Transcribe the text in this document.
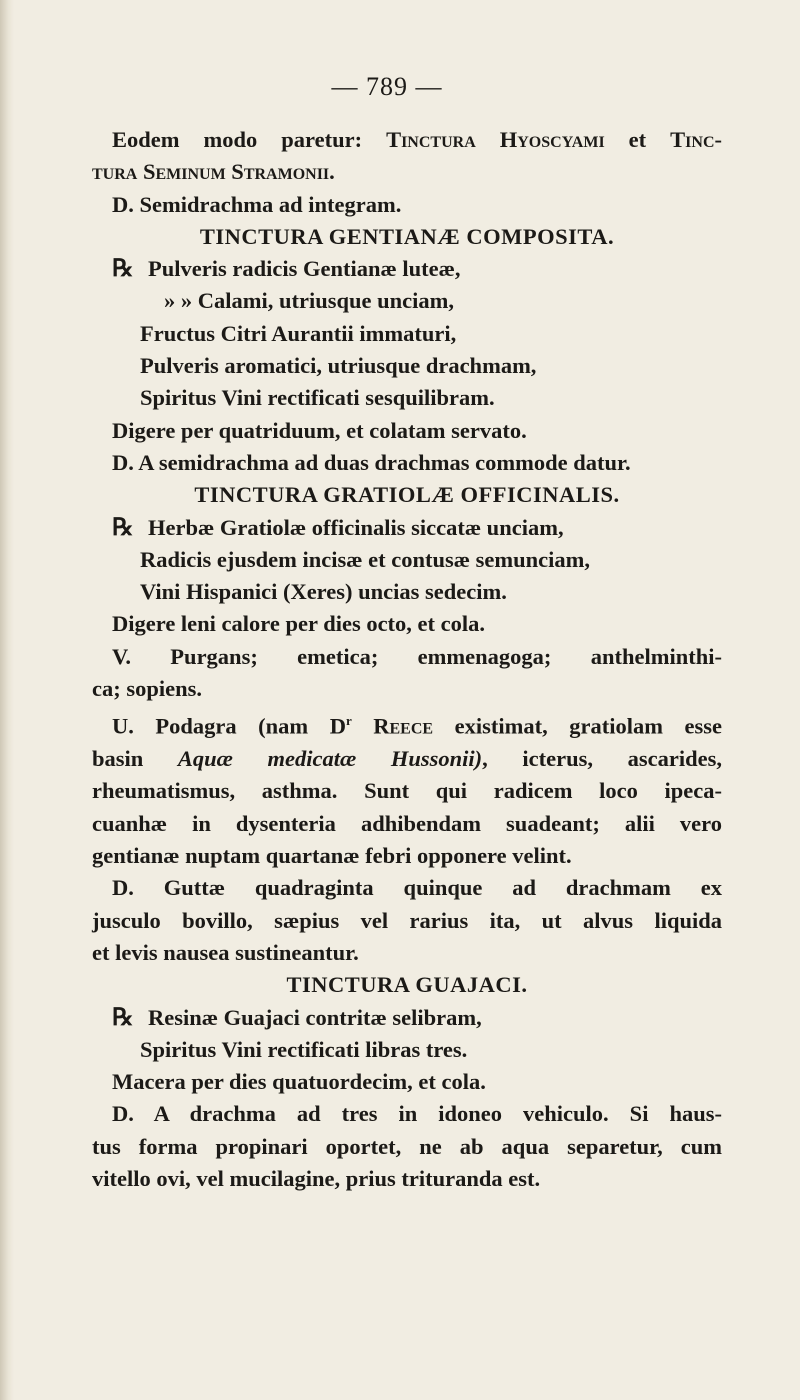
— 789 —
Eodem modo paretur: Tinctura Hyoscyami et Tinc-
tura Seminum Stramonii.
D. Semidrachma ad integram.
TINCTURA GENTIANÆ COMPOSITA.
℞ Pulveris radicis Gentianæ luteæ,
» » Calami, utriusque unciam,
Fructus Citri Aurantii immaturi,
Pulveris aromatici, utriusque drachmam,
Spiritus Vini rectificati sesquilibram.
Digere per quatriduum, et colatam servato.
D. A semidrachma ad duas drachmas commode datur.
TINCTURA GRATIOLÆ OFFICINALIS.
℞ Herbæ Gratiolæ officinalis siccatæ unciam,
Radicis ejusdem incisæ et contusæ semunciam,
Vini Hispanici (Xeres) uncias sedecim.
Digere leni calore per dies octo, et cola.
V. Purgans; emetica; emmenagoga; anthelminthi-
ca; sopiens.
U. Podagra (nam $D^r$ Reece existimat, gratiolam esse
basin Aquæ medicatæ Hussonii), icterus, ascarides,
rheumatismus, asthma. Sunt qui radicem loco ipeca-
cuanhæ in dysenteria adhibendam suadeant; alii vero
gentianæ nuptam quartanæ febri opponere velint.
D. Guttæ quadraginta quinque ad drachmam ex
jusculo bovillo, sæpius vel rarius ita, ut alvus liquida
et levis nausea sustineantur.
TINCTURA GUAJACI.
℞ Resinæ Guajaci contritæ selibram,
Spiritus Vini rectificati libras tres.
Macera per dies quatuordecim, et cola.
D. A drachma ad tres in idoneo vehiculo. Si haus-
tus forma propinari oportet, ne ab aqua separetur, cum
vitello ovi, vel mucilagine, prius trituranda est.
